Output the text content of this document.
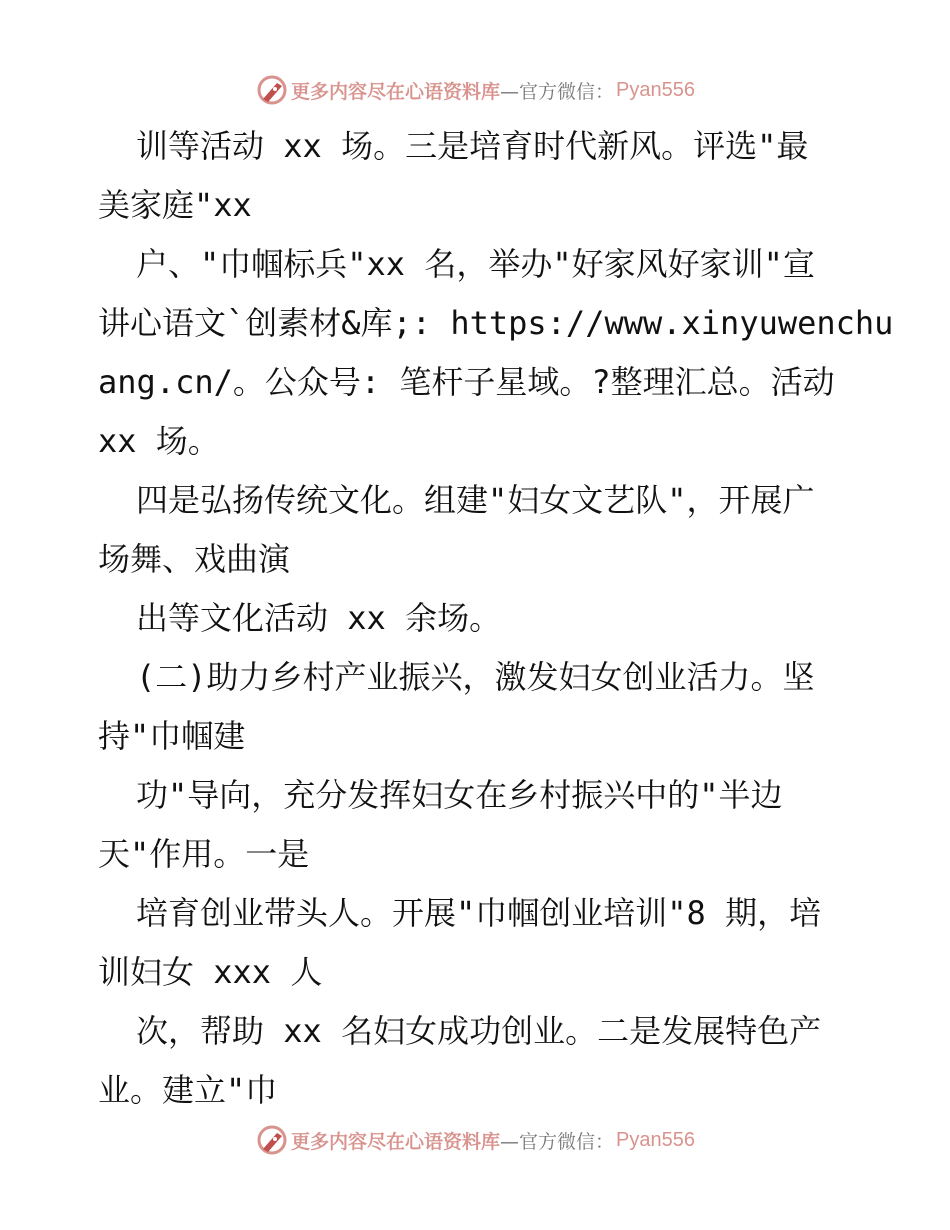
更多内容尽在心语资料库 —官方微信： Pyan556
训等活动 xx 场。三是培育时代新风。评选"最
美家庭"xx
户、"巾帼标兵"xx 名，举办"好家风好家训"宣
讲心语文`创素材&库;: https://www.xinyuwenchu
ang.cn/。公众号: 笔杆子星域。?整理汇总。活动
xx 场。
四是弘扬传统文化。组建"妇女文艺队"，开展广
场舞、戏曲演
出等文化活动 xx 余场。
(二)助力乡村产业振兴，激发妇女创业活力。坚
持"巾帼建
功"导向，充分发挥妇女在乡村振兴中的"半边
天"作用。一是
培育创业带头人。开展"巾帼创业培训"8 期，培
训妇女 xxx 人
次，帮助 xx 名妇女成功创业。二是发展特色产
业。建立"巾
更多内容尽在心语资料库 —官方微信： Pyan556
